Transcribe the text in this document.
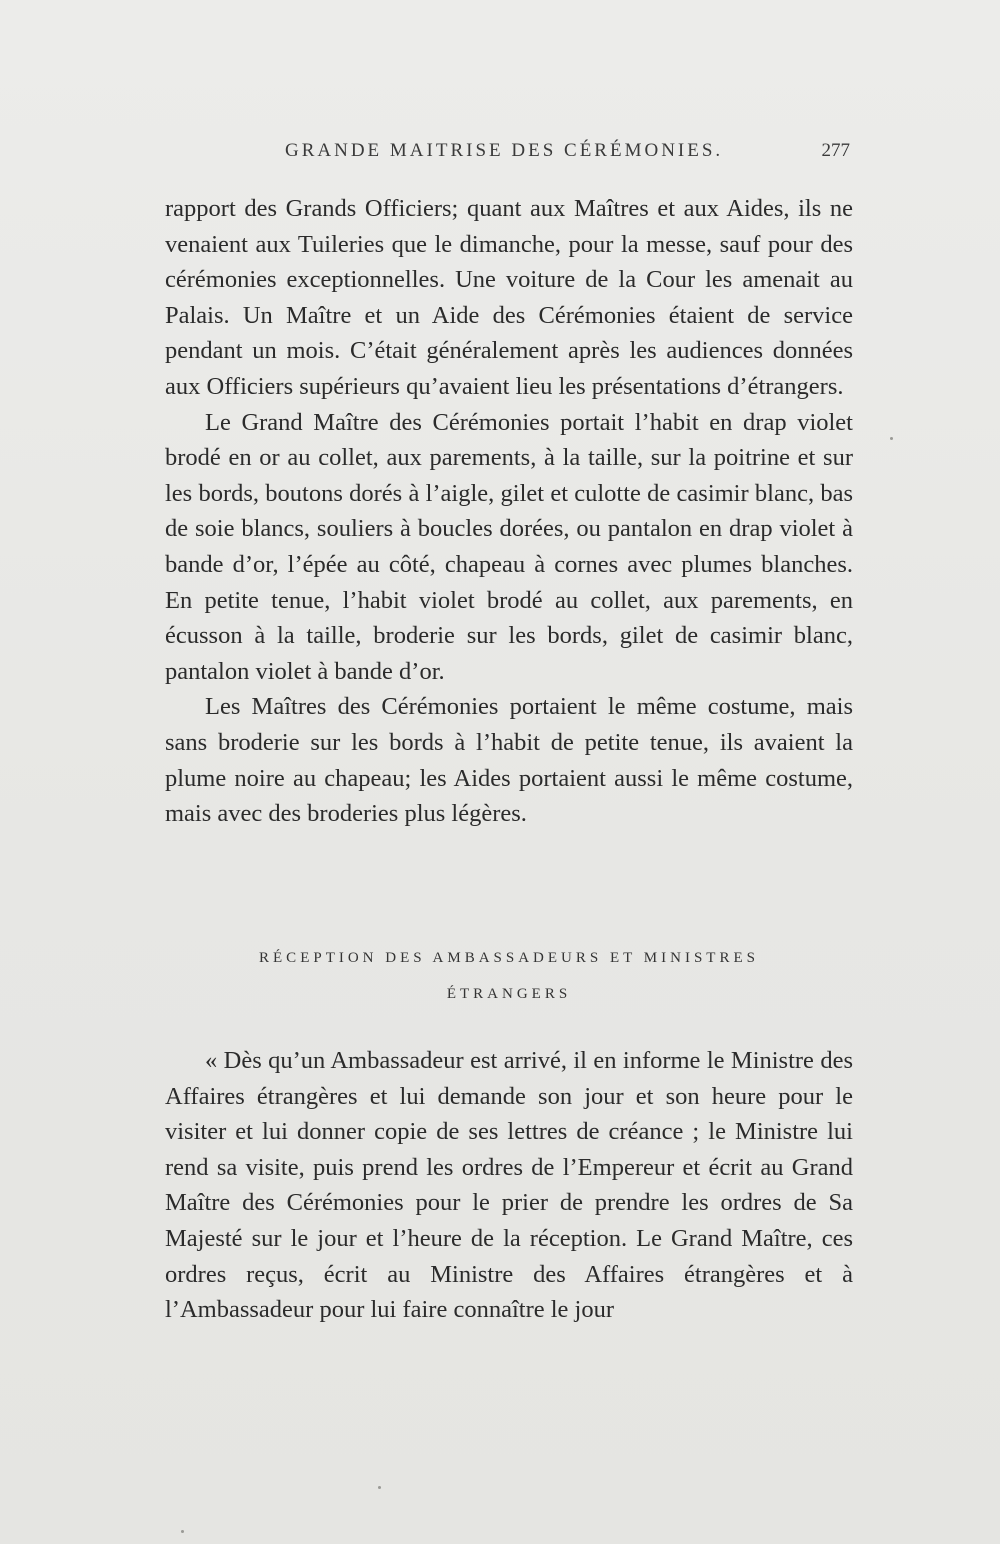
GRANDE MAITRISE DES CÉRÉMONIES.	277

rapport des Grands Officiers; quant aux Maîtres et aux Aides, ils ne venaient aux Tuileries que le dimanche, pour la messe, sauf pour des cérémonies exceptionnelles. Une voiture de la Cour les amenait au Palais. Un Maître et un Aide des Cérémonies étaient de service pendant un mois. C’était généralement après les audiences données aux Officiers supérieurs qu’avaient lieu les présentations d’étrangers.

Le Grand Maître des Cérémonies portait l’habit en drap violet brodé en or au collet, aux parements, à la taille, sur la poitrine et sur les bords, boutons dorés à l’aigle, gilet et culotte de casimir blanc, bas de soie blancs, souliers à boucles dorées, ou pantalon en drap violet à bande d’or, l’épée au côté, chapeau à cornes avec plumes blanches. En petite tenue, l’habit violet brodé au collet, aux parements, en écusson à la taille, broderie sur les bords, gilet de casimir blanc, pantalon violet à bande d’or.

Les Maîtres des Cérémonies portaient le même costume, mais sans broderie sur les bords à l’habit de petite tenue, ils avaient la plume noire au chapeau; les Aides portaient aussi le même costume, mais avec des broderies plus légères.

RÉCEPTION DES AMBASSADEURS ET MINISTRES
ÉTRANGERS

« Dès qu’un Ambassadeur est arrivé, il en informe le Ministre des Affaires étrangères et lui demande son jour et son heure pour le visiter et lui donner copie de ses lettres de créance ; le Ministre lui rend sa visite, puis prend les ordres de l’Empereur et écrit au Grand Maître des Cérémonies pour le prier de prendre les ordres de Sa Majesté sur le jour et l’heure de la réception. Le Grand Maître, ces ordres reçus, écrit au Ministre des Affaires étrangères et à l’Ambassadeur pour lui faire connaître le jour
